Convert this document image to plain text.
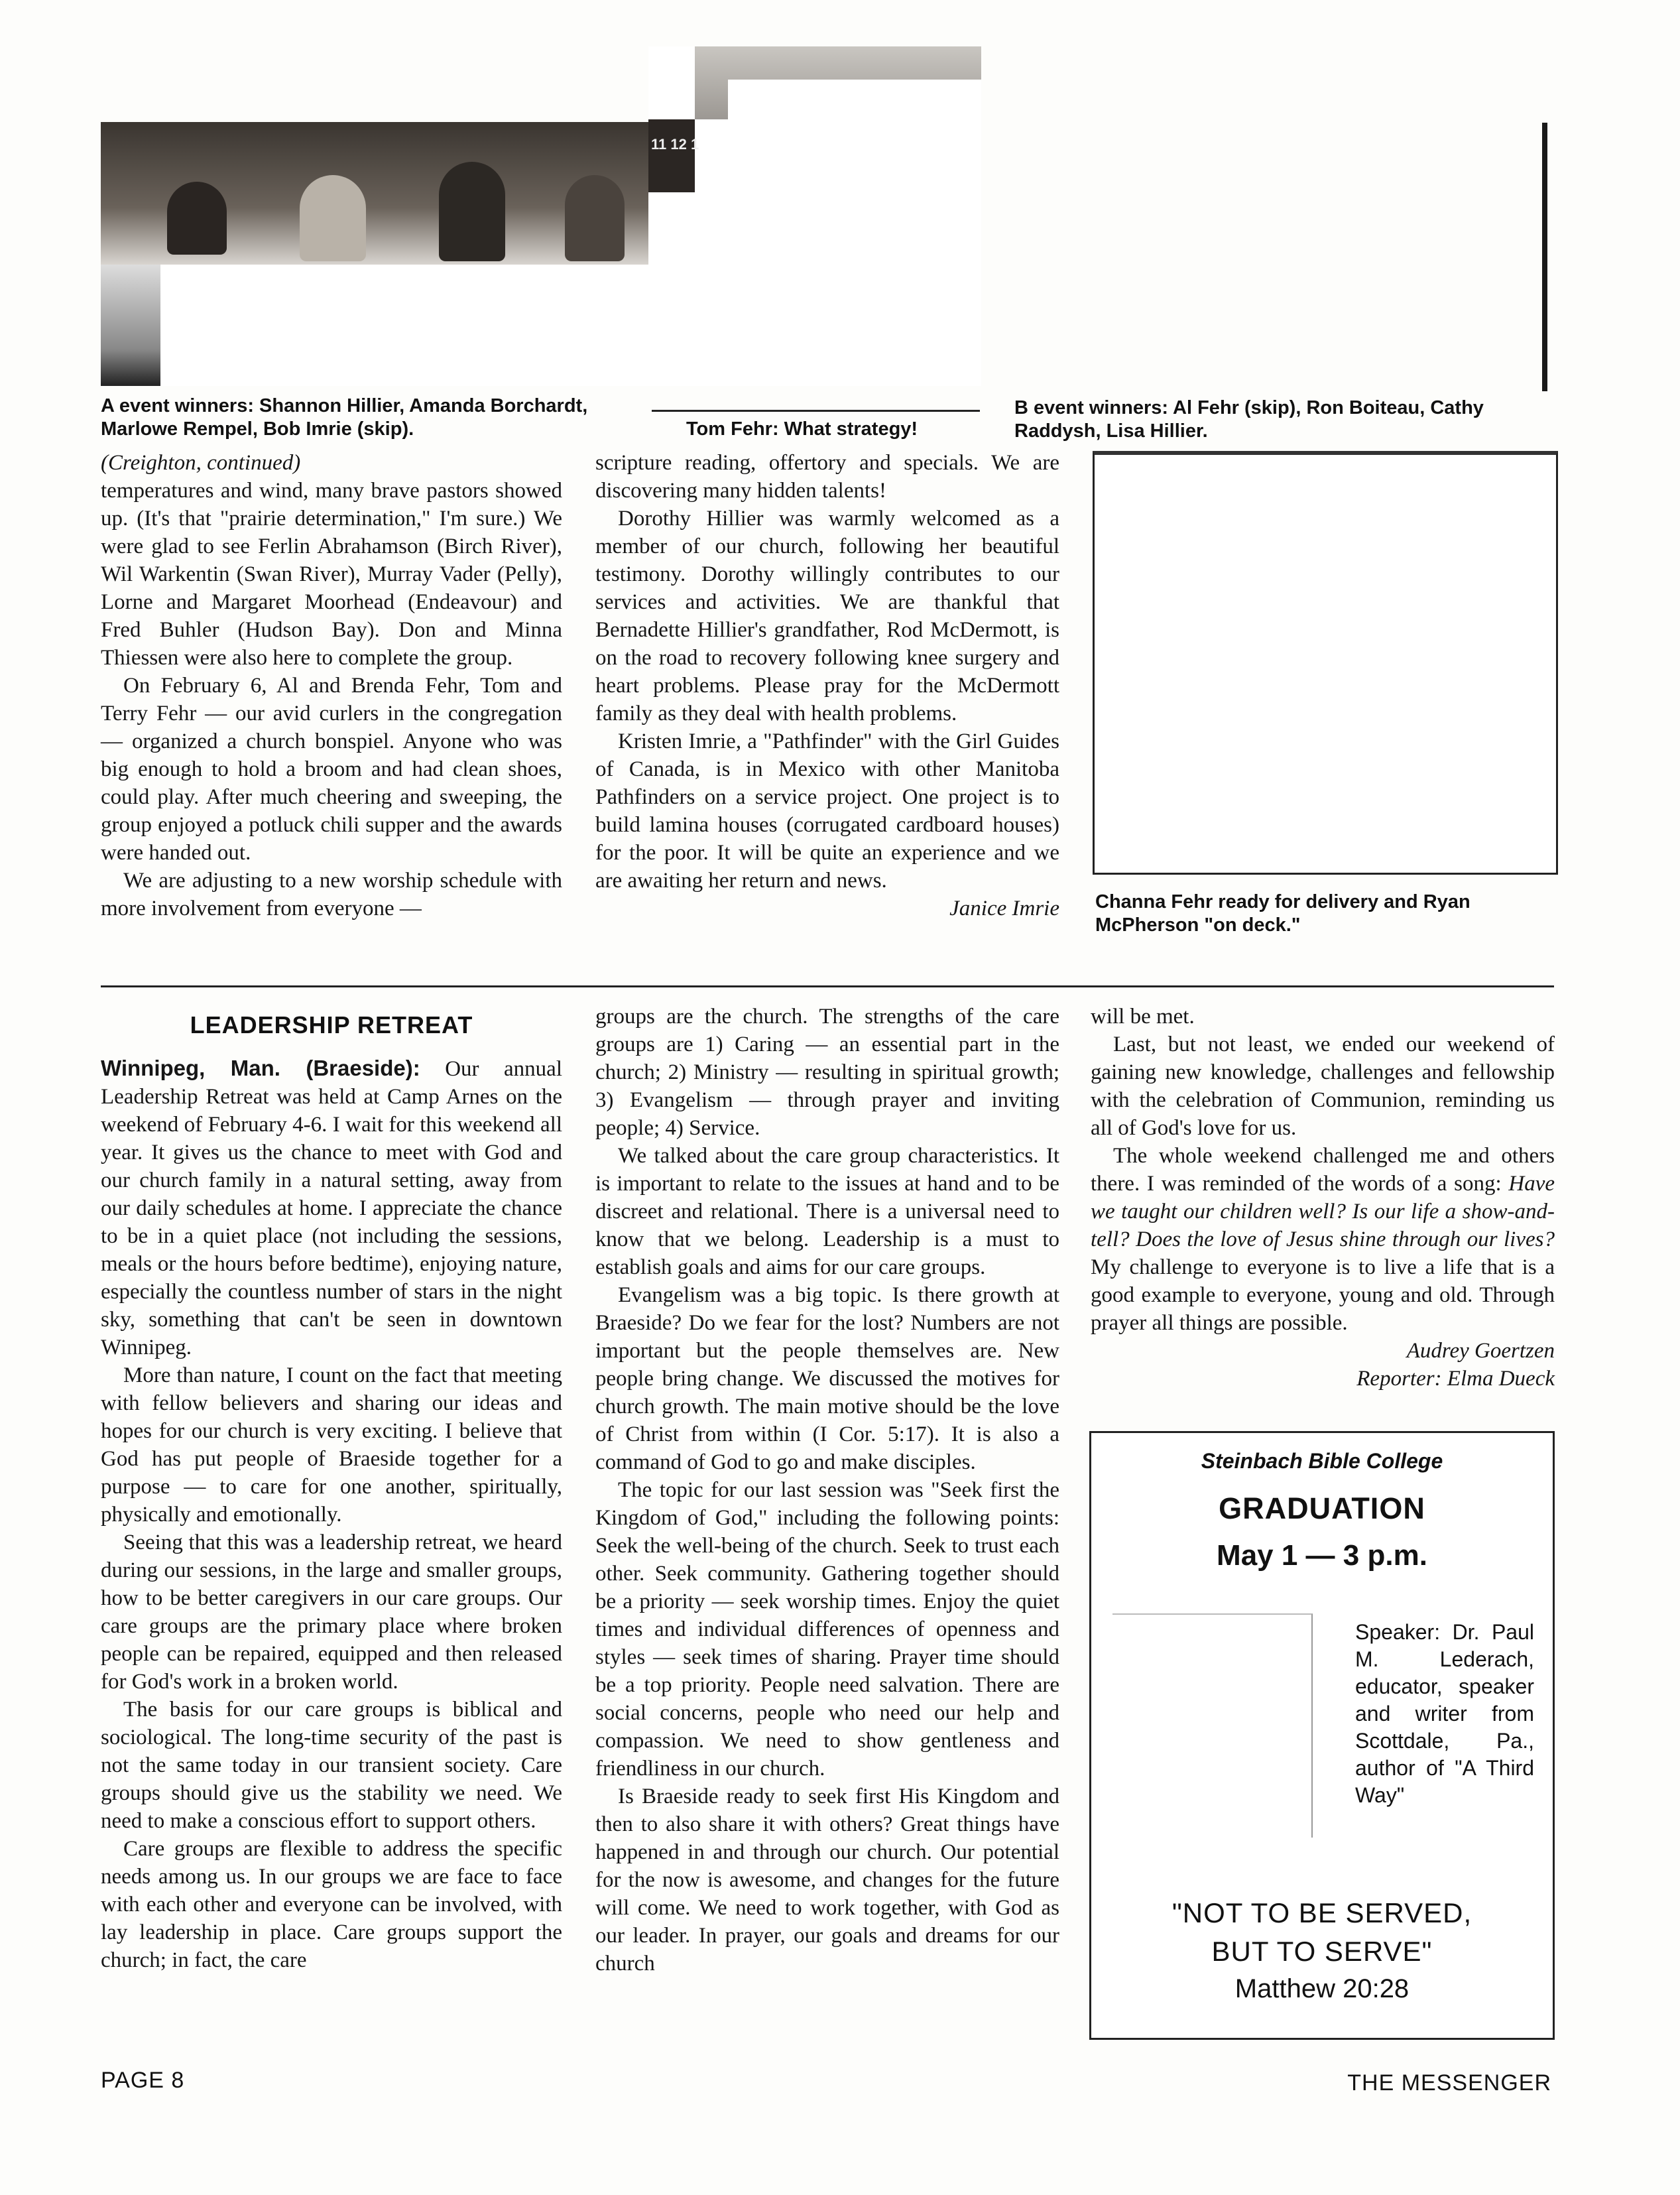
11 12 1
A event winners: Shannon Hillier, Amanda Borchardt, Marlowe Rempel, Bob Imrie (skip).	Tom Fehr: What strategy!
B event winners: Al Fehr (skip), Ron Boiteau, Cathy Raddysh, Lisa Hillier.
Channa Fehr ready for delivery and Ryan McPherson "on deck."

(Creighton, continued)

temperatures and wind, many brave pastors showed up. (It's that "prairie determination," I'm sure.) We were glad to see Ferlin Abrahamson (Birch River), Wil Warkentin (Swan River), Murray Vader (Pelly), Lorne and Margaret Moorhead (Endeavour) and Fred Buhler (Hudson Bay). Don and Minna Thiessen were also here to complete the group.

On February 6, Al and Brenda Fehr, Tom and Terry Fehr — our avid curlers in the congregation — organized a church bonspiel. Anyone who was big enough to hold a broom and had clean shoes, could play. After much cheering and sweeping, the group enjoyed a potluck chili supper and the awards were handed out.

We are adjusting to a new worship schedule with more involvement from everyone —

scripture reading, offertory and specials. We are discovering many hidden talents!

Dorothy Hillier was warmly welcomed as a member of our church, following her beautiful testimony. Dorothy willingly contributes to our services and activities. We are thankful that Bernadette Hillier's grandfather, Rod McDermott, is on the road to recovery following knee surgery and heart problems. Please pray for the McDermott family as they deal with health problems.

Kristen Imrie, a "Pathfinder" with the Girl Guides of Canada, is in Mexico with other Manitoba Pathfinders on a service project. One project is to build lamina houses (corrugated cardboard houses) for the poor. It will be quite an experience and we are awaiting her return and news.

Janice Imrie

LEADERSHIP RETREAT

Winnipeg, Man. (Braeside): Our annual Leadership Retreat was held at Camp Arnes on the weekend of February 4-6. I wait for this weekend all year. It gives us the chance to meet with God and our church family in a natural setting, away from our daily schedules at home. I appreciate the chance to be in a quiet place (not including the sessions, meals or the hours before bedtime), enjoying nature, especially the countless number of stars in the night sky, something that can't be seen in downtown Winnipeg.

More than nature, I count on the fact that meeting with fellow believers and sharing our ideas and hopes for our church is very exciting. I believe that God has put people of Braeside together for a purpose — to care for one another, spiritually, physically and emotionally.

Seeing that this was a leadership retreat, we heard during our sessions, in the large and smaller groups, how to be better caregivers in our care groups. Our care groups are the primary place where broken people can be repaired, equipped and then released for God's work in a broken world.

The basis for our care groups is biblical and sociological. The long-time security of the past is not the same today in our transient society. Care groups should give us the stability we need. We need to make a conscious effort to support others.

Care groups are flexible to address the specific needs among us. In our groups we are face to face with each other and everyone can be involved, with lay leadership in place. Care groups support the church; in fact, the care

groups are the church. The strengths of the care groups are 1) Caring — an essential part in the church; 2) Ministry — resulting in spiritual growth; 3) Evangelism — through prayer and inviting people; 4) Service.

We talked about the care group characteristics. It is important to relate to the issues at hand and to be discreet and relational. There is a universal need to know that we belong. Leadership is a must to establish goals and aims for our care groups.

Evangelism was a big topic. Is there growth at Braeside? Do we fear for the lost? Numbers are not important but the people themselves are. New people bring change. We discussed the motives for church growth. The main motive should be the love of Christ from within (I Cor. 5:17). It is also a command of God to go and make disciples.

The topic for our last session was "Seek first the Kingdom of God," including the following points: Seek the well-being of the church. Seek to trust each other. Seek community. Gathering together should be a priority — seek worship times. Enjoy the quiet times and individual differences of openness and styles — seek times of sharing. Prayer time should be a top priority. People need salvation. There are social concerns, people who need our help and compassion. We need to show gentleness and friendliness in our church.

Is Braeside ready to seek first His Kingdom and then to also share it with others? Great things have happened in and through our church. Our potential for the now is awesome, and changes for the future will come. We need to work together, with God as our leader. In prayer, our goals and dreams for our church

will be met.

Last, but not least, we ended our weekend of gaining new knowledge, challenges and fellowship with the celebration of Communion, reminding us all of God's love for us.

The whole weekend challenged me and others there. I was reminded of the words of a song: Have we taught our children well? Is our life a show-and-tell? Does the love of Jesus shine through our lives? My challenge to everyone is to live a life that is a good example to everyone, young and old. Through prayer all things are possible.

Audrey Goertzen

Reporter: Elma Dueck

Steinbach Bible College
GRADUATION
May 1 — 3 p.m.
Speaker: Dr. Paul M. Lederach, educator, speaker and writer from Scottdale, Pa., author of "A Third Way"
"NOT TO BE SERVED,
BUT TO SERVE"
Matthew 20:28
PAGE 8	THE MESSENGER
